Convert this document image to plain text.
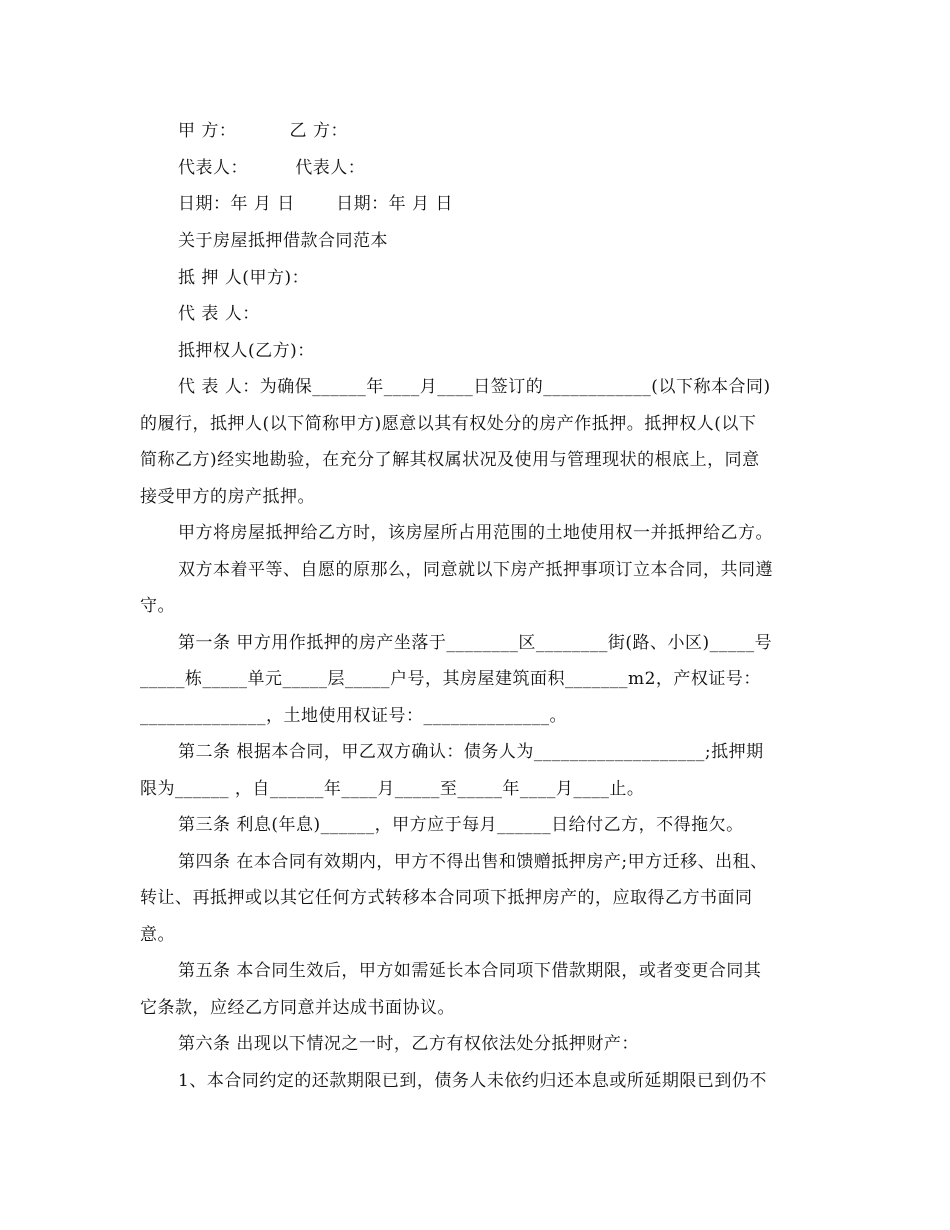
甲 方：         乙 方：
代表人：        代表人：
日期：年 月 日       日期：年 月 日
关于房屋抵押借款合同范本
抵 押 人(甲方)：
代 表 人：
抵押权人(乙方)：
代 表 人：为确保______年____月____日签订的____________(以下称本合同)
的履行，抵押人(以下简称甲方)愿意以其有权处分的房产作抵押。抵押权人(以下
简称乙方)经实地勘验，在充分了解其权属状况及使用与管理现状的根底上，同意
接受甲方的房产抵押。
甲方将房屋抵押给乙方时，该房屋所占用范围的土地使用权一并抵押给乙方。
双方本着平等、自愿的原那么，同意就以下房产抵押事项订立本合同，共同遵
守。
第一条 甲方用作抵押的房产坐落于________区________街(路、小区)_____号
_____栋_____单元_____层_____户号，其房屋建筑面积_______m2，产权证号：
______________，土地使用权证号：______________。
第二条 根据本合同，甲乙双方确认：债务人为___________________;抵押期
限为______ ，自______年____月_____至_____年____月____止。
第三条 利息(年息)______，甲方应于每月______日给付乙方，不得拖欠。
第四条 在本合同有效期内，甲方不得出售和馈赠抵押房产;甲方迁移、出租、
转让、再抵押或以其它任何方式转移本合同项下抵押房产的，应取得乙方书面同
意。
第五条 本合同生效后，甲方如需延长本合同项下借款期限，或者变更合同其
它条款，应经乙方同意并达成书面协议。
第六条 出现以下情况之一时，乙方有权依法处分抵押财产：
1、本合同约定的还款期限已到，债务人未依约归还本息或所延期限已到仍不
